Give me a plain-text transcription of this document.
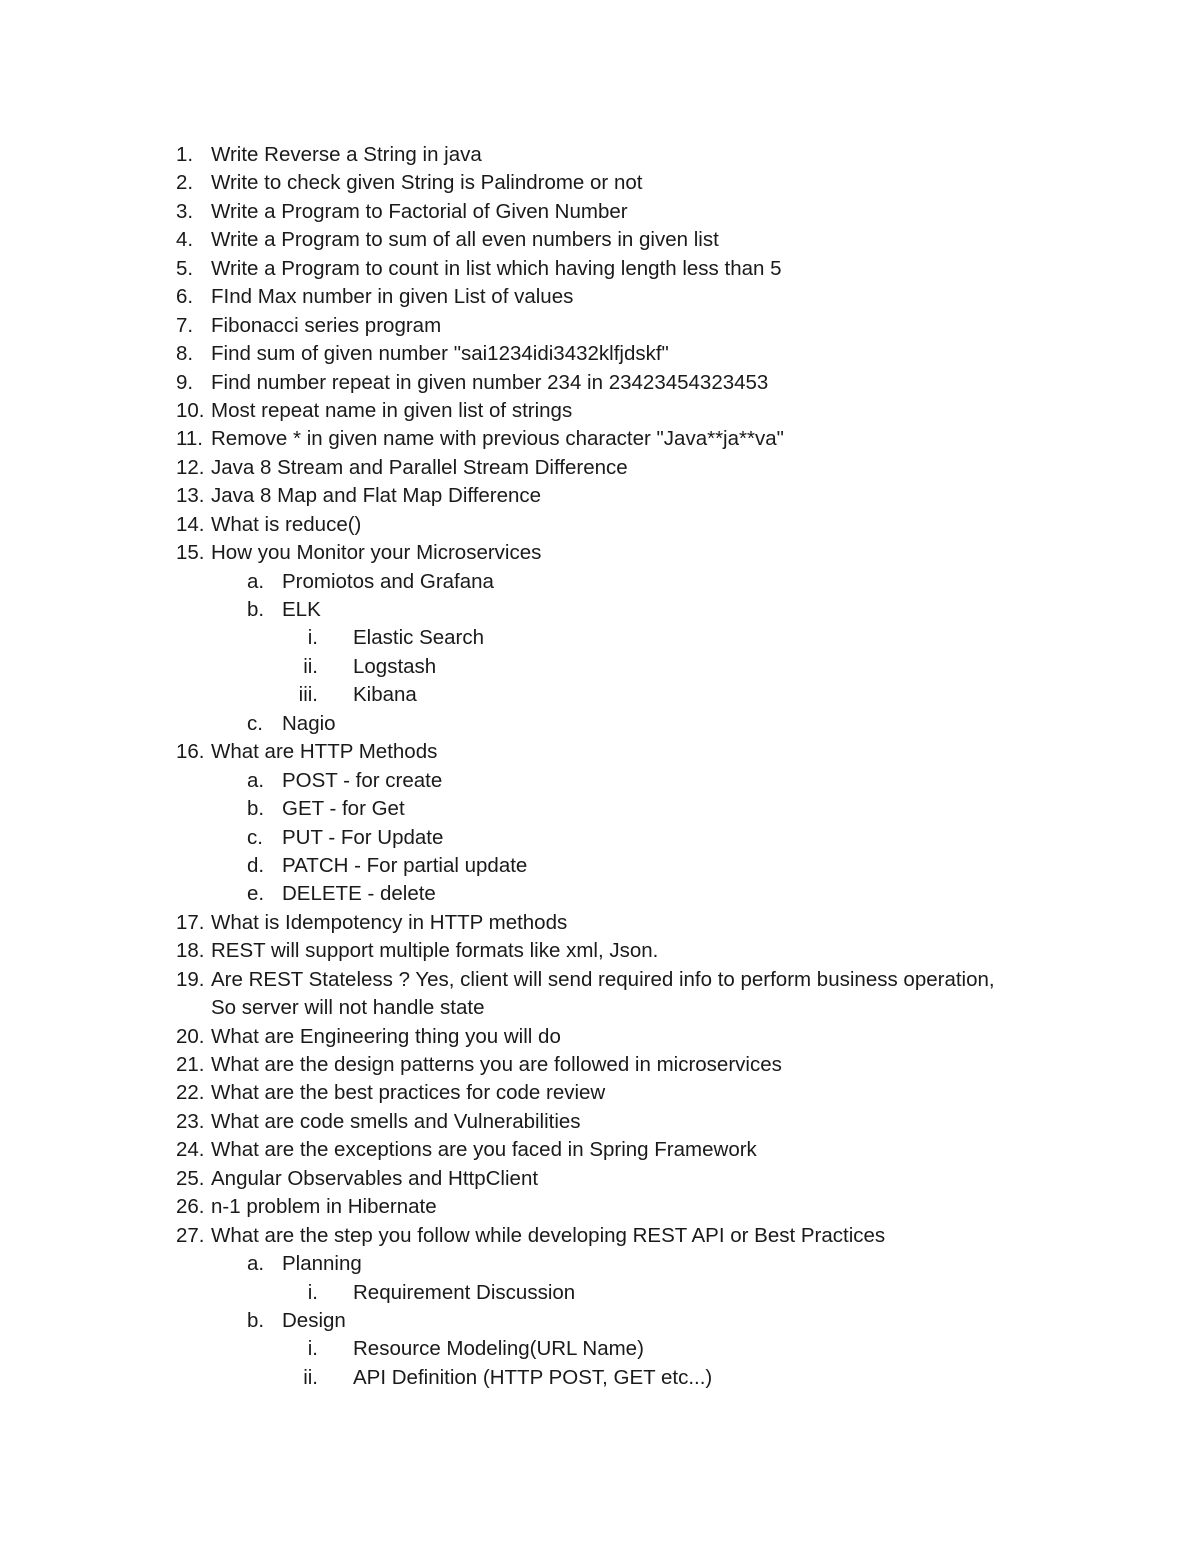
1. Write Reverse a String in java
2. Write to check given String is Palindrome or not
3. Write a Program to Factorial of Given Number
4. Write a Program to sum of all even numbers in given list
5. Write a Program to count in list which having length less than 5
6. FInd Max number in given List of values
7. Fibonacci series program
8. Find sum of given number "sai1234idi3432klfjdskf"
9. Find number repeat in given number 234 in 23423454323453
10. Most repeat name in given list of strings
11. Remove * in given name with previous character "Java**ja**va"
12. Java 8 Stream and Parallel Stream Difference
13. Java 8 Map and Flat Map Difference
14. What is reduce()
15. How you Monitor your Microservices
a. Promiotos and Grafana
b. ELK
i. Elastic Search
ii. Logstash
iii. Kibana
c. Nagio
16. What are HTTP Methods
a. POST - for create
b. GET - for Get
c. PUT - For Update
d. PATCH - For partial update
e. DELETE - delete
17. What is Idempotency in HTTP methods
18. REST will support multiple formats like xml, Json.
19. Are REST Stateless ? Yes, client will send required info to perform business operation,
So server will not handle state
20. What are Engineering thing you will do
21. What are the design patterns you are followed in microservices
22. What are the best practices for code review
23. What are code smells and Vulnerabilities
24. What are the exceptions are you faced in Spring Framework
25. Angular Observables and HttpClient
26. n-1 problem in Hibernate
27. What are the step you follow while developing REST API or Best Practices
a. Planning
i. Requirement Discussion
b. Design
i. Resource Modeling(URL Name)
ii. API Definition (HTTP POST, GET etc...)
